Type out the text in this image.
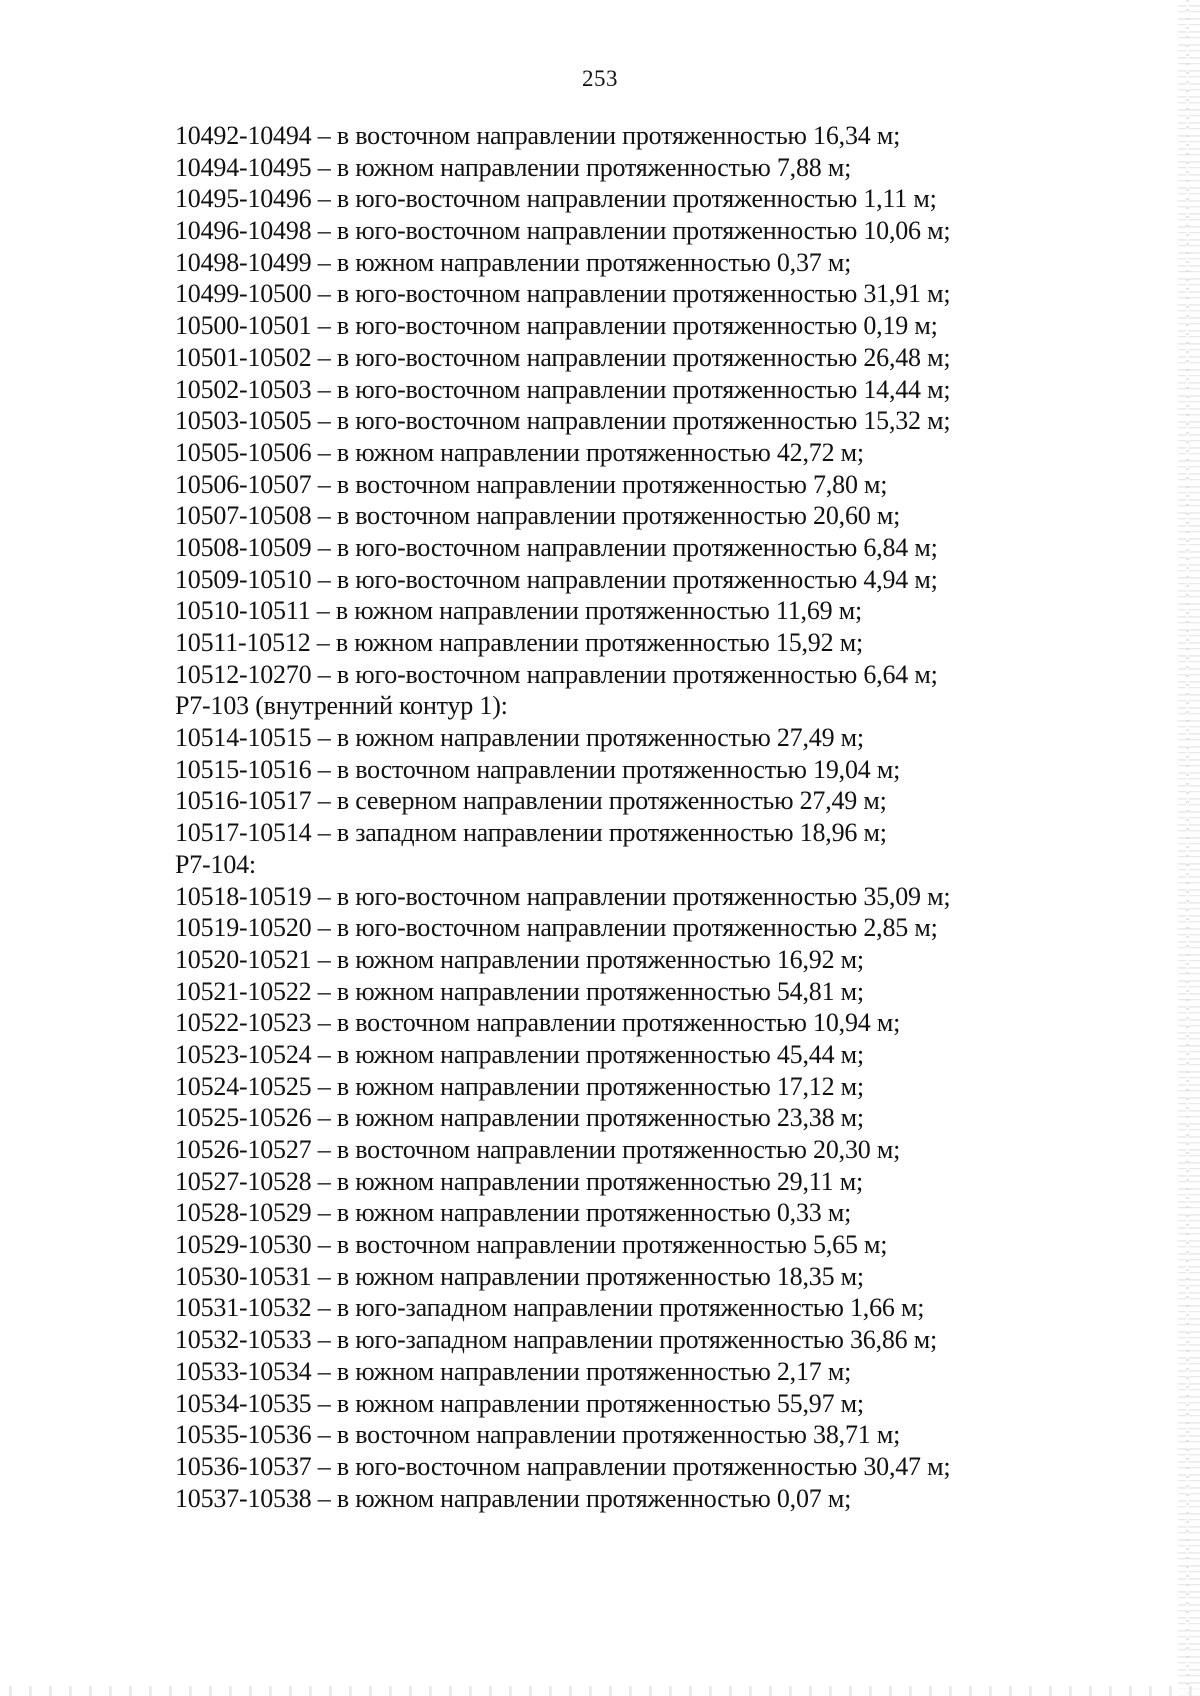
253
10492-10494 – в восточном направлении протяженностью 16,34 м;
10494-10495 – в южном направлении протяженностью 7,88 м;
10495-10496 – в юго-восточном направлении протяженностью 1,11 м;
10496-10498 – в юго-восточном направлении протяженностью 10,06 м;
10498-10499 – в южном направлении протяженностью 0,37 м;
10499-10500 – в юго-восточном направлении протяженностью 31,91 м;
10500-10501 – в юго-восточном направлении протяженностью 0,19 м;
10501-10502 – в юго-восточном направлении протяженностью 26,48 м;
10502-10503 – в юго-восточном направлении протяженностью 14,44 м;
10503-10505 – в юго-восточном направлении протяженностью 15,32 м;
10505-10506 – в южном направлении протяженностью 42,72 м;
10506-10507 – в восточном направлении протяженностью 7,80 м;
10507-10508 – в восточном направлении протяженностью 20,60 м;
10508-10509 – в юго-восточном направлении протяженностью 6,84 м;
10509-10510 – в юго-восточном направлении протяженностью 4,94 м;
10510-10511 – в южном направлении протяженностью 11,69 м;
10511-10512 – в южном направлении протяженностью 15,92 м;
10512-10270 – в юго-восточном направлении протяженностью 6,64 м;
Р7-103 (внутренний контур 1):
10514-10515 – в южном направлении протяженностью 27,49 м;
10515-10516 – в восточном направлении протяженностью 19,04 м;
10516-10517 – в северном направлении протяженностью 27,49 м;
10517-10514 – в западном направлении протяженностью 18,96 м;
Р7-104:
10518-10519 – в юго-восточном направлении протяженностью 35,09 м;
10519-10520 – в юго-восточном направлении протяженностью 2,85 м;
10520-10521 – в южном направлении протяженностью 16,92 м;
10521-10522 – в южном направлении протяженностью 54,81 м;
10522-10523 – в восточном направлении протяженностью 10,94 м;
10523-10524 – в южном направлении протяженностью 45,44 м;
10524-10525 – в южном направлении протяженностью 17,12 м;
10525-10526 – в южном направлении протяженностью 23,38 м;
10526-10527 – в восточном направлении протяженностью 20,30 м;
10527-10528 – в южном направлении протяженностью 29,11 м;
10528-10529 – в южном направлении протяженностью 0,33 м;
10529-10530 – в восточном направлении протяженностью 5,65 м;
10530-10531 – в южном направлении протяженностью 18,35 м;
10531-10532 – в юго-западном направлении протяженностью 1,66 м;
10532-10533 – в юго-западном направлении протяженностью 36,86 м;
10533-10534 – в южном направлении протяженностью 2,17 м;
10534-10535 – в южном направлении протяженностью 55,97 м;
10535-10536 – в восточном направлении протяженностью 38,71 м;
10536-10537 – в юго-восточном направлении протяженностью 30,47 м;
10537-10538 – в южном направлении протяженностью 0,07 м;
